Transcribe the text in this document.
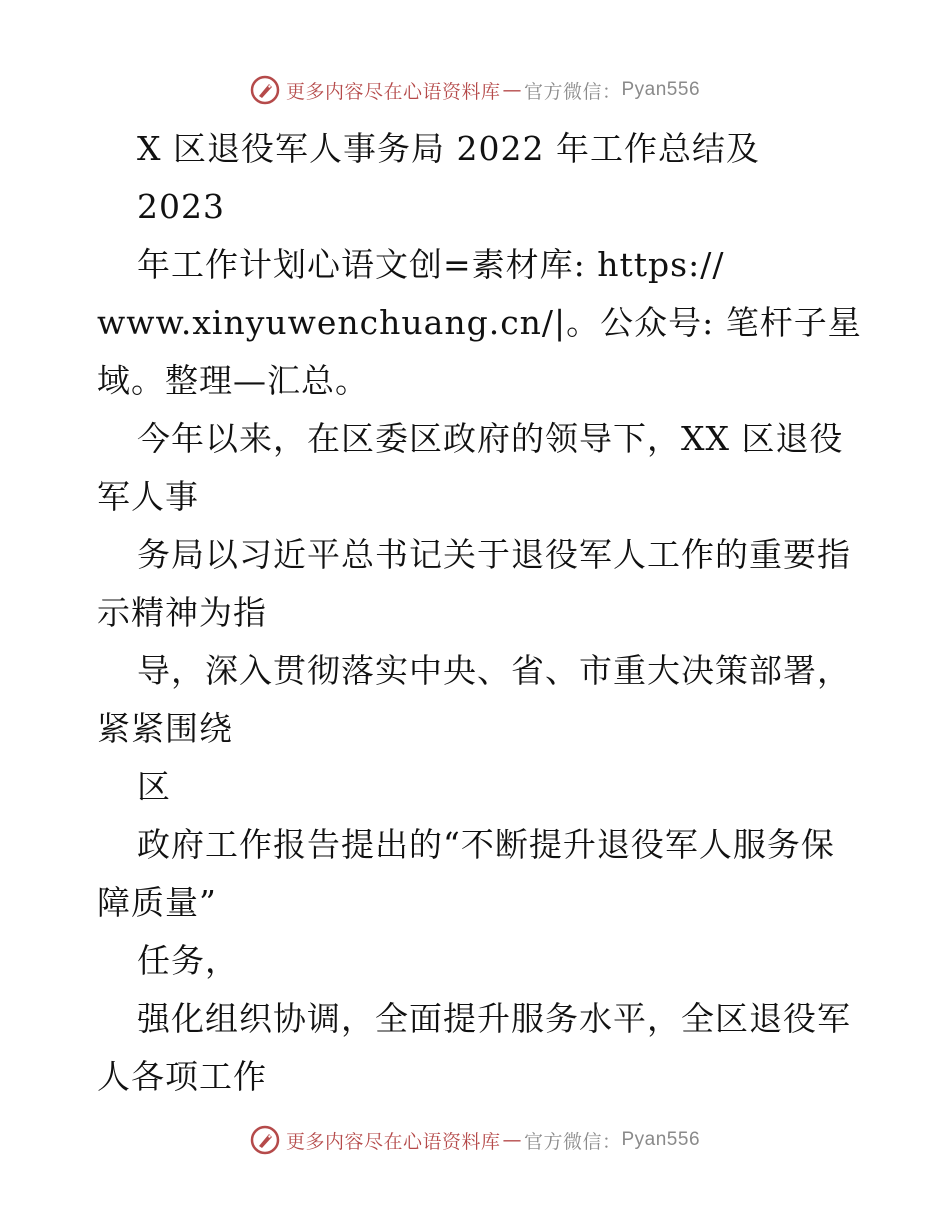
更多内容尽在心语资料库 — 官方微信： Pyan556
X 区退役军人事务局 2022 年工作总结及
2023
年工作计划心语文创=素材库: https://
www.xinyuwenchuang.cn/|。公众号: 笔杆子星
域。整理—汇总。
今年以来，在区委区政府的领导下，XX 区退役
军人事
务局以习近平总书记关于退役军人工作的重要指
示精神为指
导，深入贯彻落实中央、省、市重大决策部署，
紧紧围绕
区
政府工作报告提出的“不断提升退役军人服务保
障质量”
任务，
强化组织协调，全面提升服务水平，全区退役军
人各项工作
更多内容尽在心语资料库 — 官方微信： Pyan556
